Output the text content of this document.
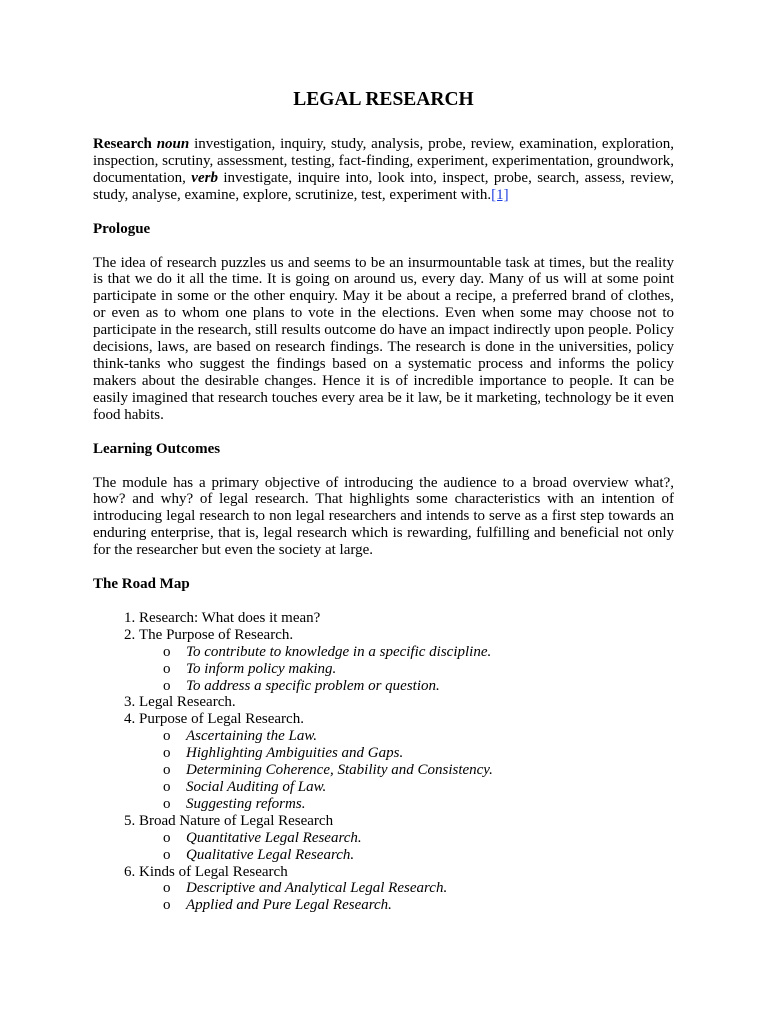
LEGAL RESEARCH

Research noun investigation, inquiry, study, analysis, probe, review, examination, exploration, inspection, scrutiny, assessment, testing, fact-finding, experiment, experimentation, groundwork, documentation, verb investigate, inquire into, look into, inspect, probe, search, assess, review, study, analyse, examine, explore, scrutinize, test, experiment with.[1]

Prologue

The idea of research puzzles us and seems to be an insurmountable task at times, but the reality is that we do it all the time. It is going on around us, every day. Many of us will at some point participate in some or the other enquiry. May it be about a recipe, a preferred brand of clothes, or even as to whom one plans to vote in the elections. Even when some may choose not to participate in the research, still results outcome do have an impact indirectly upon people. Policy decisions, laws, are based on research findings. The research is done in the universities, policy think-tanks who suggest the findings based on a systematic process and informs the policy makers about the desirable changes. Hence it is of incredible importance to people. It can be easily imagined that research touches every area be it law, be it marketing, technology be it even food habits.

Learning Outcomes

The module has a primary objective of introducing the audience to a broad overview what?, how? and why? of legal research. That highlights some characteristics with an intention of introducing legal research to non legal researchers and intends to serve as a first step towards an enduring enterprise, that is, legal research which is rewarding, fulfilling and beneficial not only for the researcher but even the society at large.

The Road Map

1. Research: What does it mean?
2. The Purpose of Research.
o To contribute to knowledge in a specific discipline.
o To inform policy making.
o To address a specific problem or question.
3. Legal Research.
4. Purpose of Legal Research.
o Ascertaining the Law.
o Highlighting Ambiguities and Gaps.
o Determining Coherence, Stability and Consistency.
o Social Auditing of Law.
o Suggesting reforms.
5. Broad Nature of Legal Research
o Quantitative Legal Research.
o Qualitative Legal Research.
6. Kinds of Legal Research
o Descriptive and Analytical Legal Research.
o Applied and Pure Legal Research.
